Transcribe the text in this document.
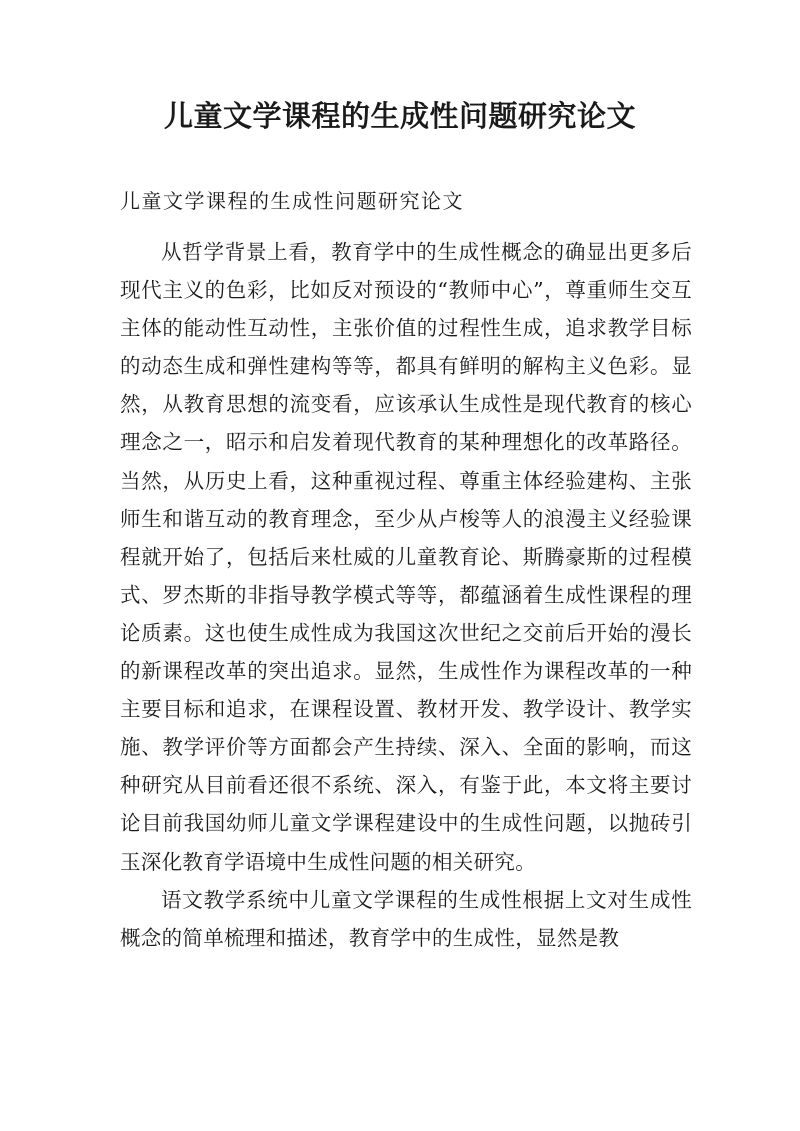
儿童文学课程的生成性问题研究论文

儿童文学课程的生成性问题研究论文

从哲学背景上看，教育学中的生成性概念的确显出更多后现代主义的色彩，比如反对预设的“教师中心”，尊重师生交互主体的能动性互动性，主张价值的过程性生成，追求教学目标的动态生成和弹性建构等等，都具有鲜明的解构主义色彩。显然，从教育思想的流变看，应该承认生成性是现代教育的核心理念之一，昭示和启发着现代教育的某种理想化的改革路径。当然，从历史上看，这种重视过程、尊重主体经验建构、主张师生和谐互动的教育理念，至少从卢梭等人的浪漫主义经验课程就开始了，包括后来杜威的儿童教育论、斯腾豪斯的过程模式、罗杰斯的非指导教学模式等等，都蕴涵着生成性课程的理论质素。这也使生成性成为我国这次世纪之交前后开始的漫长的新课程改革的突出追求。显然，生成性作为课程改革的一种主要目标和追求，在课程设置、教材开发、教学设计、教学实施、教学评价等方面都会产生持续、深入、全面的影响，而这种研究从目前看还很不系统、深入，有鉴于此，本文将主要讨论目前我国幼师儿童文学课程建设中的生成性问题，以抛砖引玉深化教育学语境中生成性问题的相关研究。

语文教学系统中儿童文学课程的生成性根据上文对生成性概念的简单梳理和描述，教育学中的生成性，显然是教
